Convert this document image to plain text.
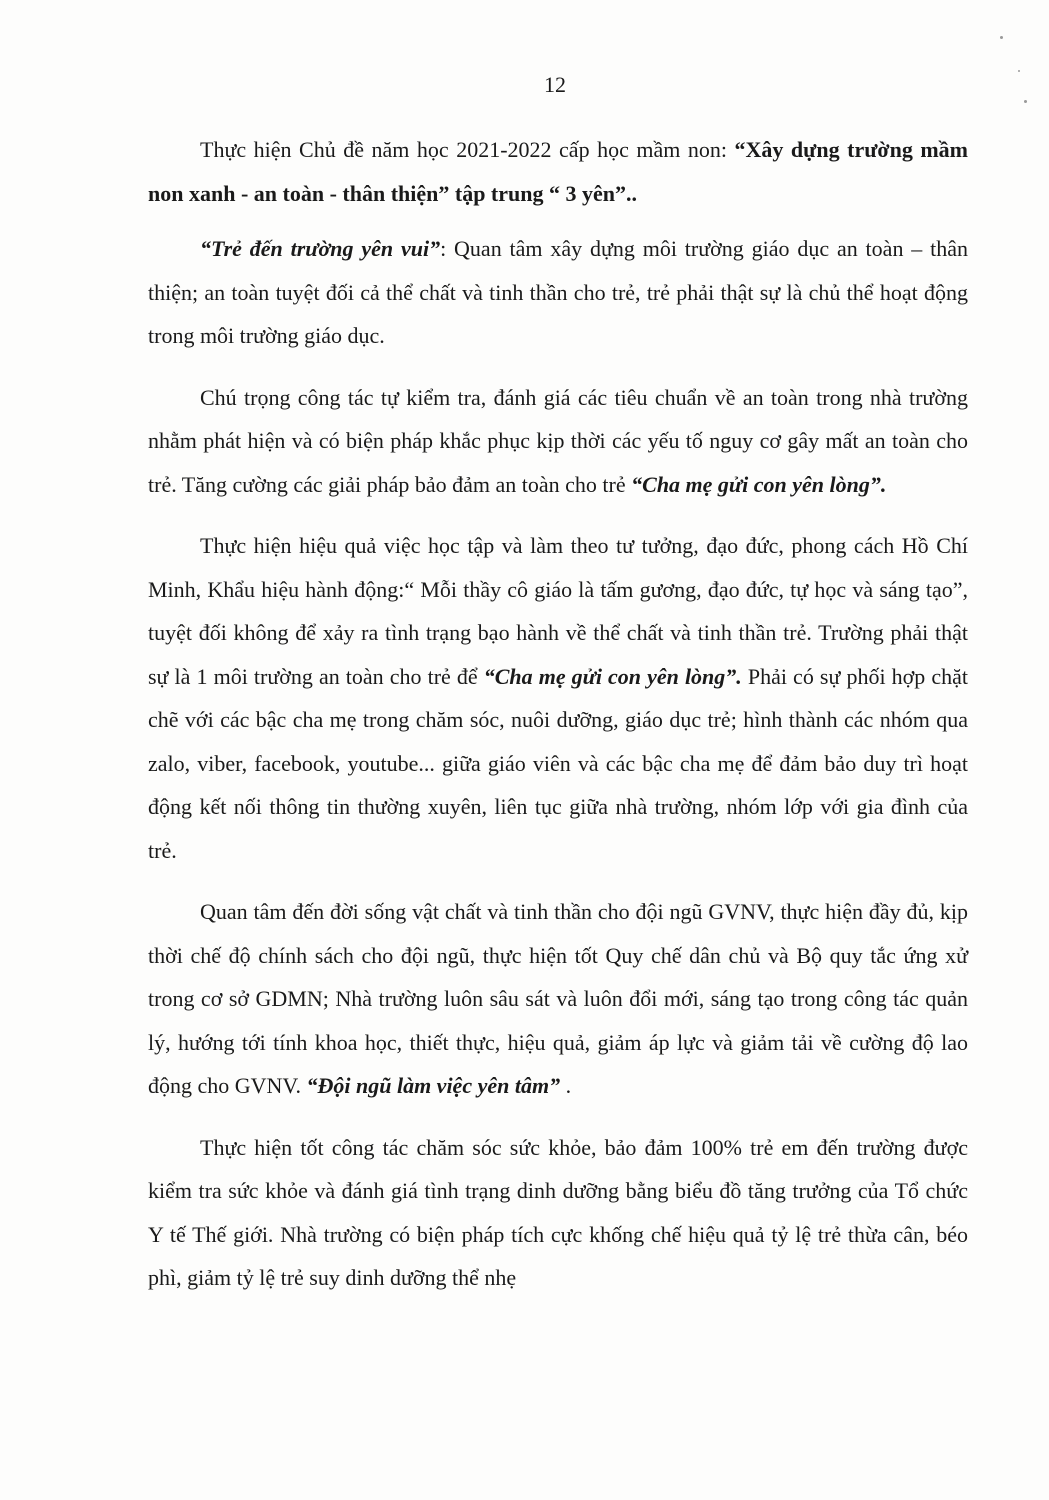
12

Thực hiện Chủ đề năm học 2021-2022 cấp học mầm non: “Xây dựng trường mầm non xanh - an toàn - thân thiện” tập trung “ 3 yên”..

“Trẻ đến trường yên vui”: Quan tâm xây dựng môi trường giáo dục an toàn – thân thiện; an toàn tuyệt đối cả thể chất và tinh thần cho trẻ, trẻ phải thật sự là chủ thể hoạt động trong môi trường giáo dục.

Chú trọng công tác tự kiểm tra, đánh giá các tiêu chuẩn về an toàn trong nhà trường nhằm phát hiện và có biện pháp khắc phục kịp thời các yếu tố nguy cơ gây mất an toàn cho trẻ. Tăng cường các giải pháp bảo đảm an toàn cho trẻ “Cha mẹ gửi con yên lòng”.

Thực hiện hiệu quả việc học tập và làm theo tư tưởng, đạo đức, phong cách Hồ Chí Minh, Khẩu hiệu hành động:“ Mỗi thầy cô giáo là tấm gương, đạo đức, tự học và sáng tạo”, tuyệt đối không để xảy ra tình trạng bạo hành về thể chất và tinh thần trẻ. Trường phải thật sự là 1 môi trường an toàn cho trẻ để “Cha mẹ gửi con yên lòng”. Phải có sự phối hợp chặt chẽ với các bậc cha mẹ trong chăm sóc, nuôi dưỡng, giáo dục trẻ; hình thành các nhóm qua zalo, viber, facebook, youtube... giữa giáo viên và các bậc cha mẹ để đảm bảo duy trì hoạt động kết nối thông tin thường xuyên, liên tục giữa nhà trường, nhóm lớp với gia đình của trẻ.

Quan tâm đến đời sống vật chất và tinh thần cho đội ngũ GVNV, thực hiện đầy đủ, kịp thời chế độ chính sách cho đội ngũ, thực hiện tốt Quy chế dân chủ và Bộ quy tắc ứng xử trong cơ sở GDMN; Nhà trường luôn sâu sát và luôn đổi mới, sáng tạo trong công tác quản lý, hướng tới tính khoa học, thiết thực, hiệu quả, giảm áp lực và giảm tải về cường độ lao động cho GVNV. “Đội ngũ làm việc yên tâm” .

Thực hiện tốt công tác chăm sóc sức khỏe, bảo đảm 100% trẻ em đến trường được kiểm tra sức khỏe và đánh giá tình trạng dinh dưỡng bằng biểu đồ tăng trưởng của Tổ chức Y tế Thế giới. Nhà trường có biện pháp tích cực khống chế hiệu quả tỷ lệ trẻ thừa cân, béo phì, giảm tỷ lệ trẻ suy dinh dưỡng thể nhẹ
